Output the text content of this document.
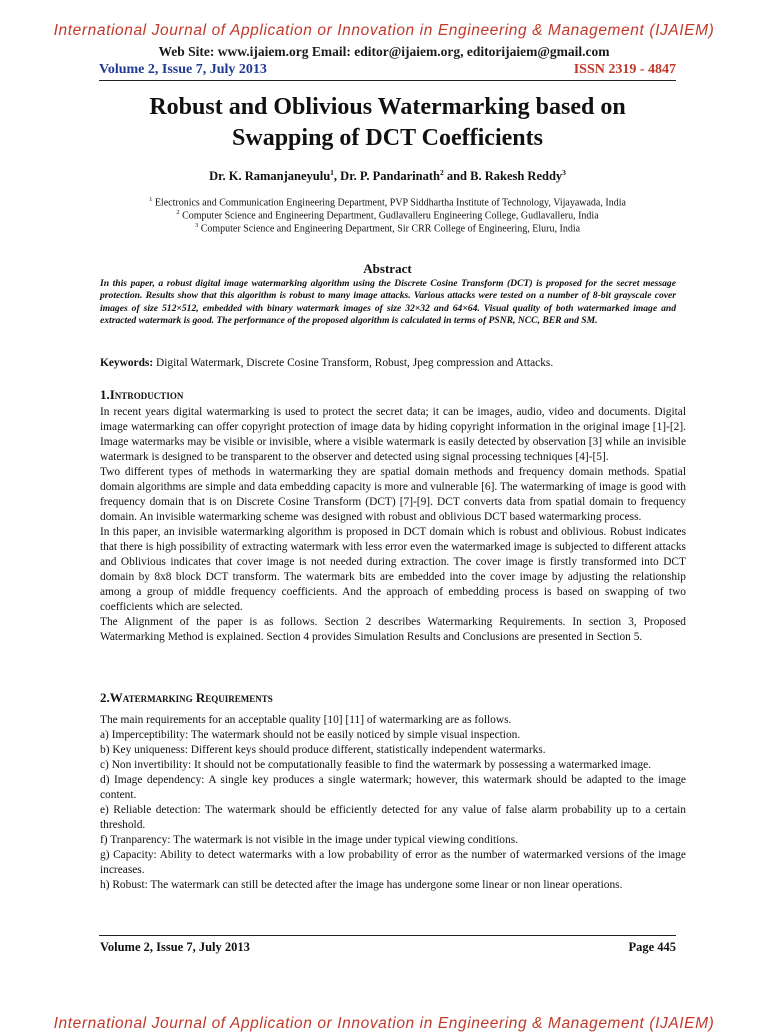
International Journal of Application or Innovation in Engineering & Management (IJAIEM)
Web Site: www.ijaiem.org Email: editor@ijaiem.org, editorijaiem@gmail.com
Volume 2, Issue 7, July 2013	ISSN 2319 - 4847
Robust and Oblivious Watermarking based on
Swapping of DCT Coefficients
Dr. K. Ramanjaneyulu$^1$, Dr. P. Pandarinath$^2$ and B. Rakesh Reddy$^3$
$^1$ Electronics and Communication Engineering Department, PVP Siddhartha Institute of Technology, Vijayawada, India
$^2$ Computer Science and Engineering Department, Gudlavalleru Engineering College, Gudlavalleru, India
$^3$ Computer Science and Engineering Department, Sir CRR College of Engineering, Eluru, India
Abstract
In this paper, a robust digital image watermarking algorithm using the Discrete Cosine Transform (DCT) is proposed for the secret message protection. Results show that this algorithm is robust to many image attacks. Various attacks were tested on a number of 8-bit grayscale cover images of size 512×512, embedded with binary watermark images of size 32×32 and 64×64. Visual quality of both watermarked image and extracted watermark is good. The performance of the proposed algorithm is calculated in terms of PSNR, NCC, BER and SM.
Keywords: Digital Watermark, Discrete Cosine Transform, Robust, Jpeg compression and Attacks.
1.Introduction

In recent years digital watermarking is used to protect the secret data; it can be images, audio, video and documents. Digital image watermarking can offer copyright protection of image data by hiding copyright information in the original image [1]-[2]. Image watermarks may be visible or invisible, where a visible watermark is easily detected by observation [3] while an invisible watermark is designed to be transparent to the observer and detected using signal processing techniques [4]-[5].

Two different types of methods in watermarking they are spatial domain methods and frequency domain methods. Spatial domain algorithms are simple and data embedding capacity is more and vulnerable [6]. The watermarking of image is good with frequency domain that is on Discrete Cosine Transform (DCT) [7]-[9]. DCT converts data from spatial domain to frequency domain. An invisible watermarking scheme was designed with robust and oblivious DCT based watermarking process.

In this paper, an invisible watermarking algorithm is proposed in DCT domain which is robust and oblivious. Robust indicates that there is high possibility of extracting watermark with less error even the watermarked image is subjected to different attacks and Oblivious indicates that cover image is not needed during extraction. The cover image is firstly transformed into DCT domain by 8x8 block DCT transform. The watermark bits are embedded into the cover image by adjusting the relationship among a group of middle frequency coefficients. And the approach of embedding process is based on swapping of two coefficients which are selected.

The Alignment of the paper is as follows. Section 2 describes Watermarking Requirements. In section 3, Proposed Watermarking Method is explained. Section 4 provides Simulation Results and Conclusions are presented in Section 5.

2.Watermarking Requirements

The main requirements for an acceptable quality [10] [11] of watermarking are as follows.

a) Imperceptibility: The watermark should not be easily noticed by simple visual inspection.

b) Key uniqueness: Different keys should produce different, statistically independent watermarks.

c) Non invertibility: It should not be computationally feasible to find the watermark by possessing a watermarked image.

d) Image dependency: A single key produces a single watermark; however, this watermark should be adapted to the image content.

e) Reliable detection: The watermark should be efficiently detected for any value of false alarm probability up to a certain threshold.

f) Tranparency: The watermark is not visible in the image under typical viewing conditions.

g) Capacity: Ability to detect watermarks with a low probability of error as the number of watermarked versions of the image increases.

h) Robust: The watermark can still be detected after the image has undergone some linear or non linear operations.

Volume 2, Issue 7, July 2013	Page 445
International Journal of Application or Innovation in Engineering & Management (IJAIEM)
